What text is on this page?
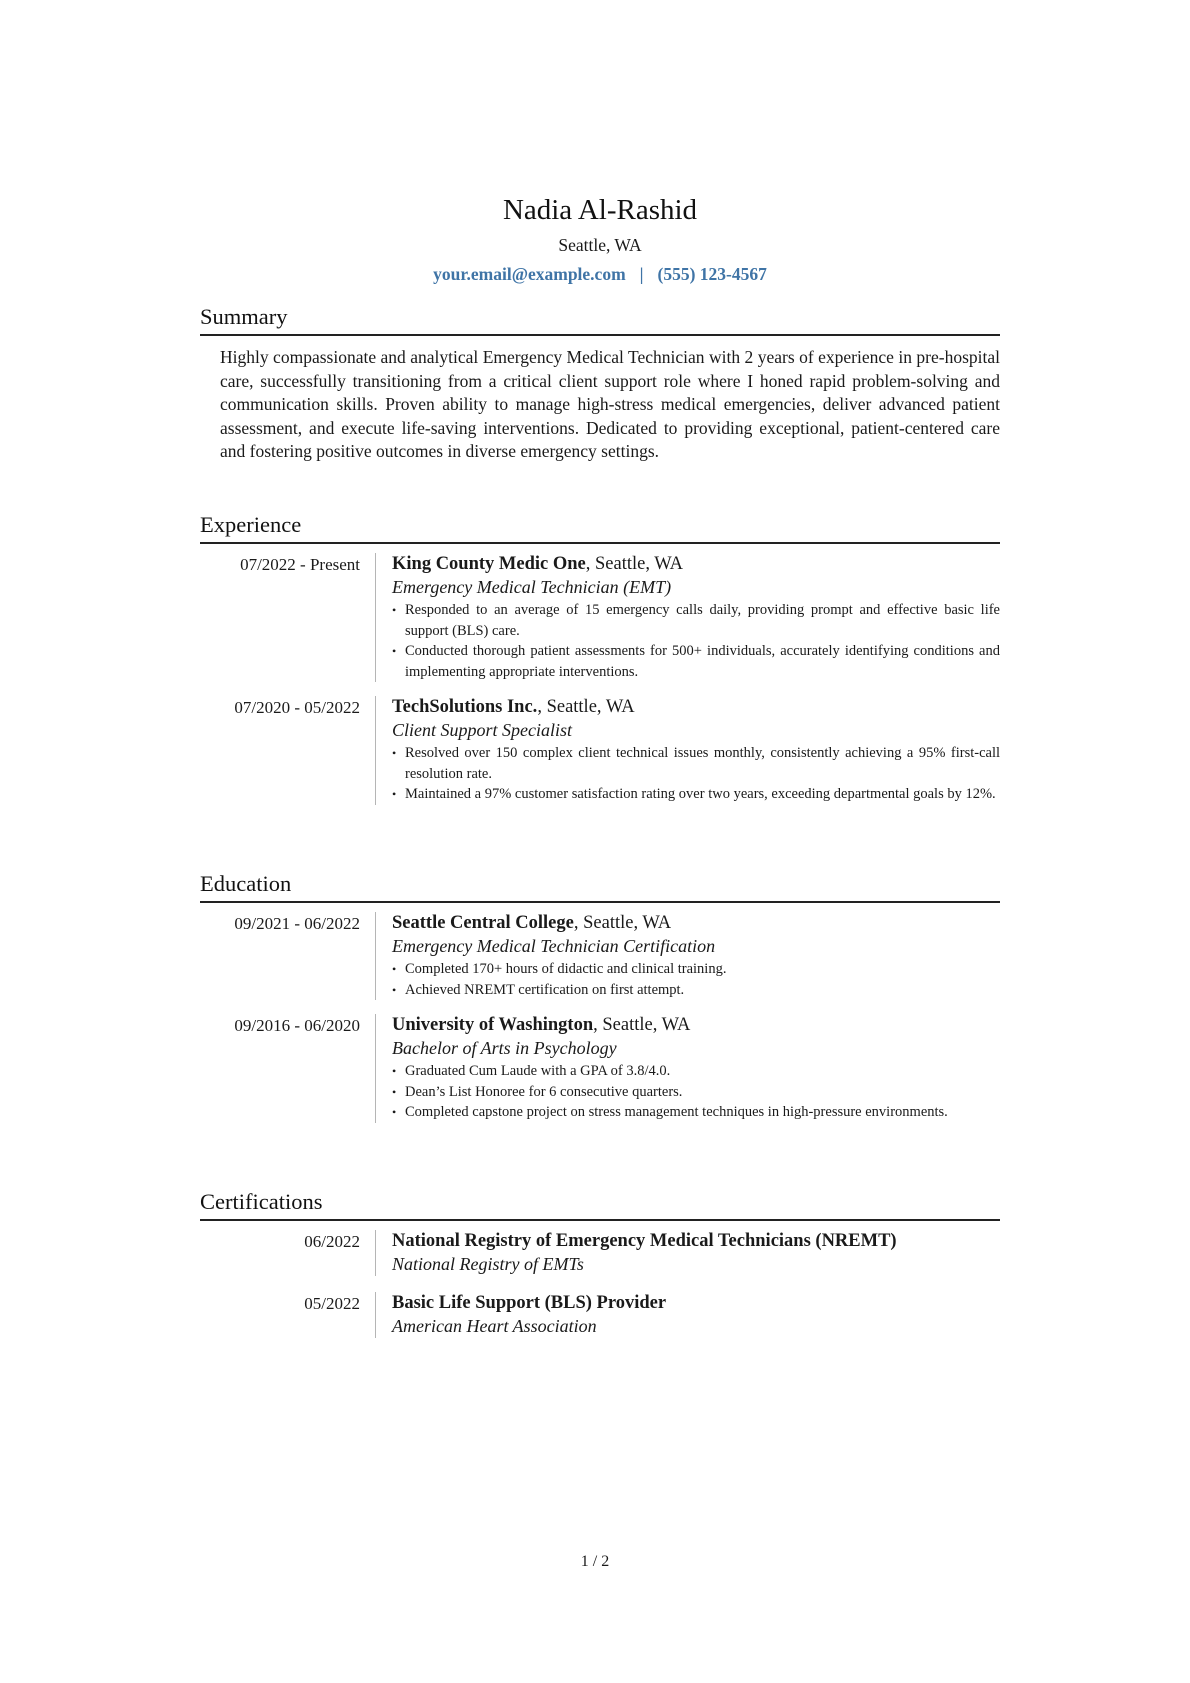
Nadia Al-Rashid
Seattle, WA
your.email@example.com | (555) 123-4567
Summary

Highly compassionate and analytical Emergency Medical Technician with 2 years of experience in pre-hospital care, successfully transitioning from a critical client support role where I honed rapid problem-solving and communication skills. Proven ability to manage high-stress medical emergencies, deliver advanced patient assessment, and execute life-saving interventions. Dedicated to providing exceptional, patient-centered care and fostering positive outcomes in diverse emergency settings.

Experience
07/2022 - Present	King County Medic One, Seattle, WA
Emergency Medical Technician (EMT)
• Responded to an average of 15 emergency calls daily, providing prompt and effective basic life support (BLS) care.
• Conducted thorough patient assessments for 500+ individuals, accurately identifying conditions and implementing appropriate interventions.
07/2020 - 05/2022	TechSolutions Inc., Seattle, WA
Client Support Specialist
• Resolved over 150 complex client technical issues monthly, consistently achieving a 95% first-call resolution rate.
• Maintained a 97% customer satisfaction rating over two years, exceeding departmental goals by 12%.
Education
09/2021 - 06/2022	Seattle Central College, Seattle, WA
Emergency Medical Technician Certification
• Completed 170+ hours of didactic and clinical training.
• Achieved NREMT certification on first attempt.
09/2016 - 06/2020	University of Washington, Seattle, WA
Bachelor of Arts in Psychology
• Graduated Cum Laude with a GPA of 3.8/4.0.
• Dean’s List Honoree for 6 consecutive quarters.
• Completed capstone project on stress management techniques in high-pressure environments.
Certifications
06/2022	National Registry of Emergency Medical Technicians (NREMT)
National Registry of EMTs
05/2022	Basic Life Support (BLS) Provider
American Heart Association
1 / 2
